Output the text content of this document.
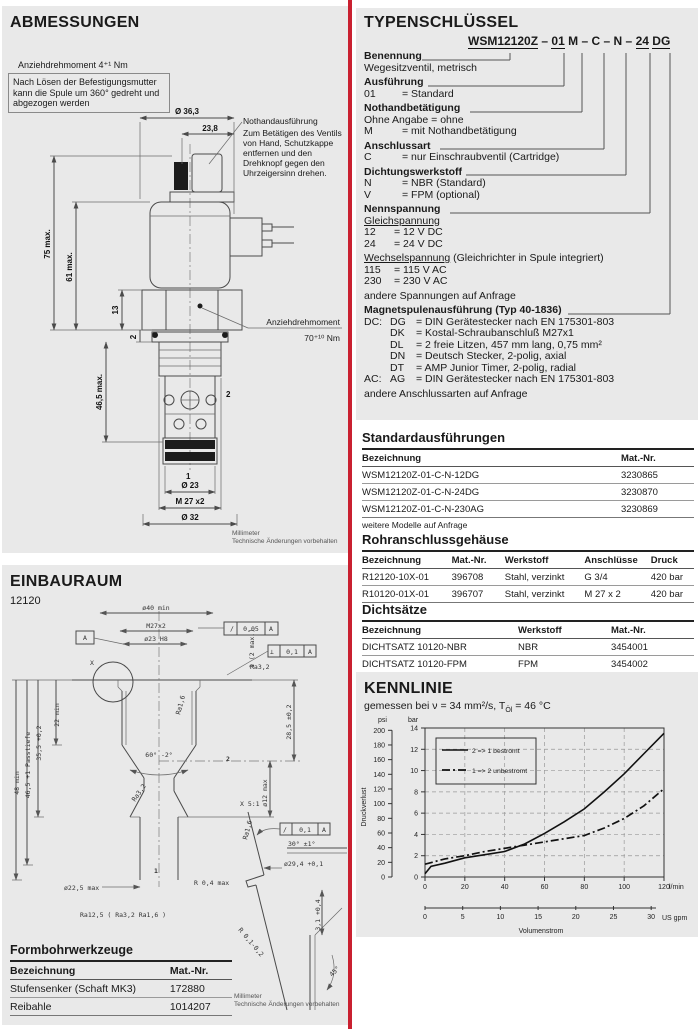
ABMESSUNGEN
Anziehdrehmoment 4⁺¹ Nm
Nach Lösen der Befestigungsmutter kann die Spule um 360° gedreht und abgezogen werden
Nothandausführung
Zum Betätigen des Ventils von Hand, Schutzkappe entfernen und den Drehknopf gegen den Uhrzeigersinn drehen.
Ø 36,3
23,8
75 max.
61 max.
13
2
46,5 max.
Anziehdrehmoment
70⁺¹⁰ Nm
2
1
Ø 23
M 27 x2
Ø 32
Millimeter
Technische Änderungen vorbehalten
ø40 min
M27x2
ø23 H8
A
∕ 0,05 A
⊥ 0,1 A
Ra3,2
X
Ra1,6
1 (2 max.)
28,5 ±0,2
ø12 max
2
60° -2°
Ra3,2
22 min
35,5 +0,2
46,5 +1 Passtiefe
48 min
ø22,5 max
R 0,4 max
Ra12,5 ( Ra3,2 Ra1,6 )
1
X 5:1
Ra1,6	∕ 0,1 A
30° ±1°
ø29,4 +0,1
R 0,1-0,2
3,1 +0,4
45°
EINBAURAUM
12120
Formbohrwerkzeuge
Bezeichnung	Mat.-Nr.
Stufensenker (Schaft MK3)	172880
Reibahle	1014207
Millimeter
Technische Änderungen vorbehalten
TYPENSCHLÜSSEL
WSM12120Z – 01 M – C – N – 24 DG
Benennung
Wegesitzventil, metrisch
Ausführung
01	= Standard
Nothandbetätigung
Ohne Angabe = ohne
M	= mit Nothandbetätigung
Anschlussart
C	= nur Einschraubventil (Cartridge)
Dichtungswerkstoff
N	= NBR (Standard)
V	= FPM (optional)
Nennspannung
Gleichspannung
12	= 12 V DC
24	= 24 V DC
Wechselspannung (Gleichrichter in Spule integriert)
115	= 115 V AC
230	= 230 V AC
andere Spannungen auf Anfrage
Magnetspulenausführung (Typ 40-1836)
DC: DG = DIN Gerätestecker nach EN 175301-803
DK	= Kostal-Schraubanschluß M27x1
DL	= 2 freie Litzen, 457 mm lang, 0,75 mm²
DN	= Deutsch Stecker, 2-polig, axial
DT	= AMP Junior Timer, 2-polig, radial
AC: AG	= DIN Gerätestecker nach EN 175301-803
andere Anschlussarten auf Anfrage
Standardausführungen
Bezeichnung	Mat.-Nr.
WSM12120Z-01-C-N-12DG	3230865
WSM12120Z-01-C-N-24DG	3230870
WSM12120Z-01-C-N-230AG	3230869
weitere Modelle auf Anfrage
Rohranschlussgehäuse
Bezeichnung	Mat.-Nr.	Werkstoff	Anschlüsse	Druck
R12120-10X-01	396708	Stahl, verzinkt	G 3/4	420 bar
R10120-01X-01	396707	Stahl, verzinkt	M 27 x 2	420 bar
Dichtsätze
Bezeichnung	Werkstoff	Mat.-Nr.
DICHTSATZ 10120-NBR	NBR	3454001
DICHTSATZ 10120-FPM	FPM	3454002
KENNLINIE
gemessen bei ν = 34 mm²/s, $T_{Öl} = 46$ °C
30
25
20
15
10
5
0
200
180
160
140
120
100
80
60
40
20
0
14
12
10
8
6
4
2
0
120
100
80
60
40
20
0
psi	bar
l/min
US gpm
Volumenstrom
Druckverlust
2 => 1 bestromt
1 => 2 unbestromt
